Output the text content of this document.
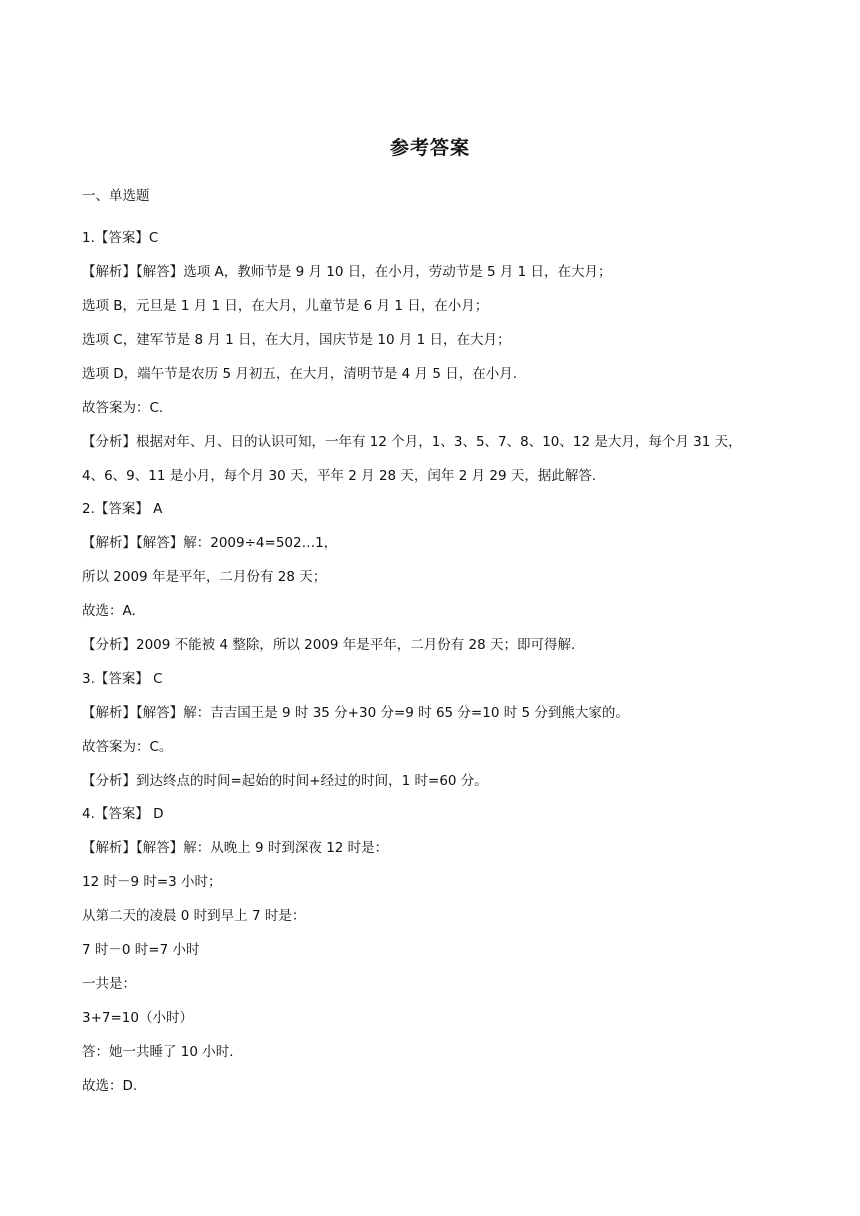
参考答案
一、单选题
1.【答案】C
【解析】【解答】选项 A，教师节是 9 月 10 日，在小月，劳动节是 5 月 1 日，在大月；
选项 B，元旦是 1 月 1 日，在大月，儿童节是 6 月 1 日，在小月；
选项 C，建军节是 8 月 1 日，在大月，国庆节是 10 月 1 日，在大月；
选项 D，端午节是农历 5 月初五，在大月，清明节是 4 月 5 日，在小月.
故答案为：C.
【分析】根据对年、月、日的认识可知，一年有 12 个月，1、3、5、7、8、10、12 是大月，每个月 31 天，
4、6、9、11 是小月，每个月 30 天，平年 2 月 28 天，闰年 2 月 29 天，据此解答.
2.【答案】 A
【解析】【解答】解：2009÷4=502…1，
所以 2009 年是平年，二月份有 28 天；
故选：A.
【分析】2009 不能被 4 整除，所以 2009 年是平年，二月份有 28 天；即可得解.
3.【答案】 C
【解析】【解答】解：吉吉国王是 9 时 35 分+30 分=9 时 65 分=10 时 5 分到熊大家的。
故答案为：C。
【分析】到达终点的时间=起始的时间+经过的时间，1 时=60 分。
4.【答案】 D
【解析】【解答】解：从晚上 9 时到深夜 12 时是：
12 时－9 时=3 小时；
从第二天的凌晨 0 时到早上 7 时是：
7 时－0 时=7 小时
一共是：
3+7=10（小时）
答：她一共睡了 10 小时.
故选：D.
